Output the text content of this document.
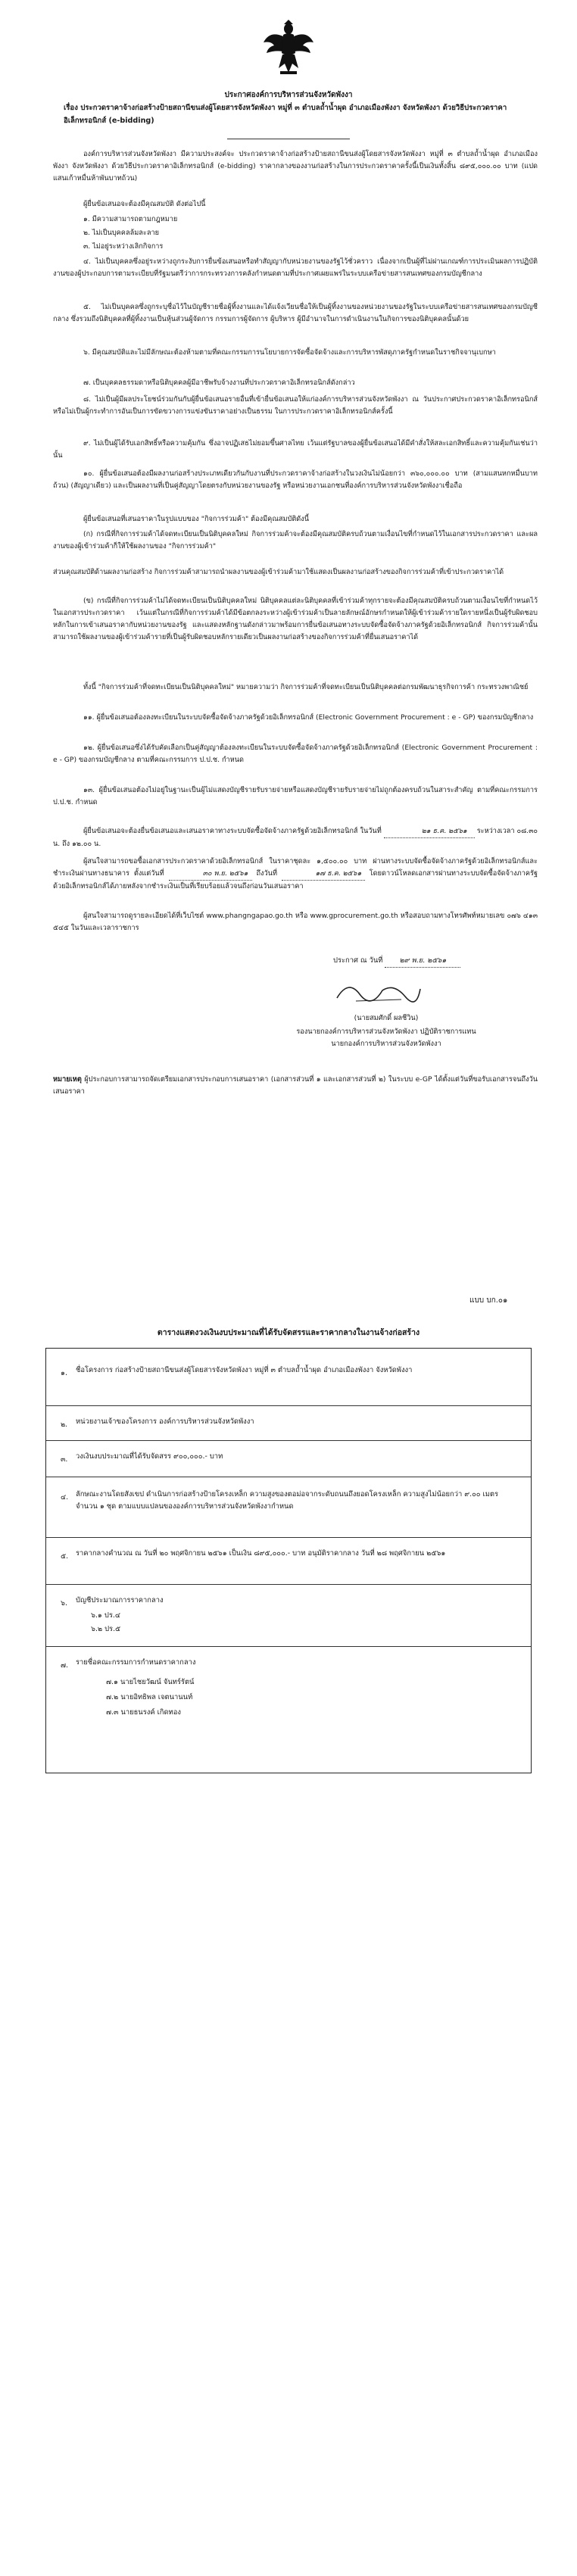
ประกาศองค์การบริหารส่วนจังหวัดพังงา
เรื่อง ประกวดราคาจ้างก่อสร้างป้ายสถานีขนส่งผู้โดยสารจังหวัดพังงา หมู่ที่ ๓ ตำบลถ้ำน้ำผุด อำเภอเมืองพังงา จังหวัดพังงา ด้วยวิธีประกวดราคาอิเล็กทรอนิกส์ (e-bidding)
องค์การบริหารส่วนจังหวัดพังงา มีความประสงค์จะ ประกวดราคาจ้างก่อสร้างป้ายสถานีขนส่งผู้โดยสารจังหวัดพังงา หมู่ที่ ๓ ตำบลถ้ำน้ำผุด อำเภอเมืองพังงา จังหวัดพังงา ด้วยวิธีประกวดราคาอิเล็กทรอนิกส์ (e-bidding) ราคากลางของงานก่อสร้างในการประกวดราคาครั้งนี้เป็นเงินทั้งสิ้น ๘๙๕,๐๐๐.๐๐ บาท (แปดแสนเก้าหมื่นห้าพันบาทถ้วน)
ผู้ยื่นข้อเสนอจะต้องมีคุณสมบัติ ดังต่อไปนี้
๑. มีความสามารถตามกฎหมาย
๒. ไม่เป็นบุคคลล้มละลาย
๓. ไม่อยู่ระหว่างเลิกกิจการ
๔. ไม่เป็นบุคคลซึ่งอยู่ระหว่างถูกระงับการยื่นข้อเสนอหรือทำสัญญากับหน่วยงานของรัฐไว้ชั่วคราว เนื่องจากเป็นผู้ที่ไม่ผ่านเกณฑ์การประเมินผลการปฏิบัติงานของผู้ประกอบการตามระเบียบที่รัฐมนตรีว่าการกระทรวงการคลังกำหนดตามที่ประกาศเผยแพร่ในระบบเครือข่ายสารสนเทศของกรมบัญชีกลาง
๕. ไม่เป็นบุคคลซึ่งถูกระบุชื่อไว้ในบัญชีรายชื่อผู้ทิ้งงานและได้แจ้งเวียนชื่อให้เป็นผู้ทิ้งงานของหน่วยงานของรัฐในระบบเครือข่ายสารสนเทศของกรมบัญชีกลาง ซึ่งรวมถึงนิติบุคคลที่ผู้ทิ้งงานเป็นหุ้นส่วนผู้จัดการ กรรมการผู้จัดการ ผู้บริหาร ผู้มีอำนาจในการดำเนินงานในกิจการของนิติบุคคลนั้นด้วย
๖. มีคุณสมบัติและไม่มีลักษณะต้องห้ามตามที่คณะกรรมการนโยบายการจัดซื้อจัดจ้างและการบริหารพัสดุภาครัฐกำหนดในราชกิจจานุเบกษา
๗. เป็นบุคคลธรรมดาหรือนิติบุคคลผู้มีอาชีพรับจ้างงานที่ประกวดราคาอิเล็กทรอนิกส์ดังกล่าว
๘. ไม่เป็นผู้มีผลประโยชน์ร่วมกันกับผู้ยื่นข้อเสนอรายอื่นที่เข้ายื่นข้อเสนอให้แก่องค์การบริหารส่วนจังหวัดพังงา ณ วันประกาศประกวดราคาอิเล็กทรอนิกส์ หรือไม่เป็นผู้กระทำการอันเป็นการขัดขวางการแข่งขันราคาอย่างเป็นธรรม ในการประกวดราคาอิเล็กทรอนิกส์ครั้งนี้
๙. ไม่เป็นผู้ได้รับเอกสิทธิ์หรือความคุ้มกัน ซึ่งอาจปฏิเสธไม่ยอมขึ้นศาลไทย เว้นแต่รัฐบาลของผู้ยื่นข้อเสนอได้มีคำสั่งให้สละเอกสิทธิ์และความคุ้มกันเช่นว่านั้น
๑๐. ผู้ยื่นข้อเสนอต้องมีผลงานก่อสร้างประเภทเดียวกันกับงานที่ประกวดราคาจ้างก่อสร้างในวงเงินไม่น้อยกว่า ๓๖๐,๐๐๐.๐๐ บาท (สามแสนหกหมื่นบาทถ้วน) (สัญญาเดียว) และเป็นผลงานที่เป็นคู่สัญญาโดยตรงกับหน่วยงานของรัฐ หรือหน่วยงานเอกชนที่องค์การบริหารส่วนจังหวัดพังงาเชื่อถือ
ผู้ยื่นข้อเสนอที่เสนอราคาในรูปแบบของ "กิจการร่วมค้า" ต้องมีคุณสมบัติดังนี้
(ก) กรณีที่กิจการร่วมค้าได้จดทะเบียนเป็นนิติบุคคลใหม่ กิจการร่วมค้าจะต้องมีคุณสมบัติครบถ้วนตามเงื่อนไขที่กำหนดไว้ในเอกสารประกวดราคา และผลงานของผู้เข้าร่วมค้าก็ให้ใช้ผลงานของ "กิจการร่วมค้า"
ส่วนคุณสมบัติด้านผลงานก่อสร้าง กิจการร่วมค้าสามารถนำผลงานของผู้เข้าร่วมค้ามาใช้แสดงเป็นผลงานก่อสร้างของกิจการร่วมค้าที่เข้าประกวดราคาได้
(ข) กรณีที่กิจการร่วมค้าไม่ได้จดทะเบียนเป็นนิติบุคคลใหม่ นิติบุคคลแต่ละนิติบุคคลที่เข้าร่วมค้าทุกรายจะต้องมีคุณสมบัติครบถ้วนตามเงื่อนไขที่กำหนดไว้ในเอกสารประกวดราคา เว้นแต่ในกรณีที่กิจการร่วมค้าได้มีข้อตกลงระหว่างผู้เข้าร่วมค้าเป็นลายลักษณ์อักษรกำหนดให้ผู้เข้าร่วมค้ารายใดรายหนึ่งเป็นผู้รับผิดชอบหลักในการเข้าเสนอราคากับหน่วยงานของรัฐ และแสดงหลักฐานดังกล่าวมาพร้อมการยื่นข้อเสนอทางระบบจัดซื้อจัดจ้างภาครัฐด้วยอิเล็กทรอนิกส์ กิจการร่วมค้านั้นสามารถใช้ผลงานของผู้เข้าร่วมค้ารายที่เป็นผู้รับผิดชอบหลักรายเดียวเป็นผลงานก่อสร้างของกิจการร่วมค้าที่ยื่นเสนอราคาได้
ทั้งนี้ "กิจการร่วมค้าที่จดทะเบียนเป็นนิติบุคคลใหม่" หมายความว่า กิจการร่วมค้าที่จดทะเบียนเป็นนิติบุคคลต่อกรมพัฒนาธุรกิจการค้า กระทรวงพาณิชย์
๑๑. ผู้ยื่นข้อเสนอต้องลงทะเบียนในระบบจัดซื้อจัดจ้างภาครัฐด้วยอิเล็กทรอนิกส์ (Electronic Government Procurement : e - GP) ของกรมบัญชีกลาง
๑๒. ผู้ยื่นข้อเสนอซึ่งได้รับคัดเลือกเป็นคู่สัญญาต้องลงทะเบียนในระบบจัดซื้อจัดจ้างภาครัฐด้วยอิเล็กทรอนิกส์ (Electronic Government Procurement : e - GP) ของกรมบัญชีกลาง ตามที่คณะกรรมการ ป.ป.ช. กำหนด
๑๓. ผู้ยื่นข้อเสนอต้องไม่อยู่ในฐานะเป็นผู้ไม่แสดงบัญชีรายรับรายจ่ายหรือแสดงบัญชีรายรับรายจ่ายไม่ถูกต้องครบถ้วนในสาระสำคัญ ตามที่คณะกรรมการ ป.ป.ช. กำหนด
ผู้ยื่นข้อเสนอจะต้องยื่นข้อเสนอและเสนอราคาทางระบบจัดซื้อจัดจ้างภาครัฐด้วยอิเล็กทรอนิกส์ ในวันที่	๒๑ ธ.ค. ๒๕๖๑ ระหว่างเวลา ๐๘.๓๐ น. ถึง ๑๒.๐๐ น.
ผู้สนใจสามารถขอซื้อเอกสารประกวดราคาด้วยอิเล็กทรอนิกส์ ในราคาชุดละ ๑,๕๐๐.๐๐ บาท ผ่านทางระบบจัดซื้อจัดจ้างภาครัฐด้วยอิเล็กทรอนิกส์และชำระเงินผ่านทางธนาคาร ตั้งแต่วันที่	๓๐ พ.ย. ๒๕๖๑ ถึงวันที่	๑๗ ธ.ค. ๒๕๖๑ โดยดาวน์โหลดเอกสารผ่านทางระบบจัดซื้อจัดจ้างภาครัฐด้วยอิเล็กทรอนิกส์ได้ภายหลังจากชำระเงินเป็นที่เรียบร้อยแล้วจนถึงก่อนวันเสนอราคา
ผู้สนใจสามารถดูรายละเอียดได้ที่เว็บไซต์ www.phangngapao.go.th หรือ www.gprocurement.go.th หรือสอบถามทางโทรศัพท์หมายเลข ๐๗๖ ๔๑๓ ๕๔๕ ในวันและเวลาราชการ
ประกาศ ณ วันที่ ๒๙ พ.ย. ๒๕๖๑
(นายสมศักดิ์ ผลชีวิน)
รองนายกองค์การบริหารส่วนจังหวัดพังงา ปฏิบัติราชการแทน
นายกองค์การบริหารส่วนจังหวัดพังงา
หมายเหตุ ผู้ประกอบการสามารถจัดเตรียมเอกสารประกอบการเสนอราคา (เอกสารส่วนที่ ๑ และเอกสารส่วนที่ ๒) ในระบบ e-GP ได้ตั้งแต่วันที่ขอรับเอกสารจนถึงวันเสนอราคา
แบบ บก.๐๑
ตารางแสดงวงเงินงบประมาณที่ได้รับจัดสรรและราคากลางในงานจ้างก่อสร้าง
๑. ชื่อโครงการ ก่อสร้างป้ายสถานีขนส่งผู้โดยสารจังหวัดพังงา หมู่ที่ ๓ ตำบลถ้ำน้ำผุด อำเภอเมืองพังงา จังหวัดพังงา
๒. หน่วยงานเจ้าของโครงการ องค์การบริหารส่วนจังหวัดพังงา
๓. วงเงินงบประมาณที่ได้รับจัดสรร ๙๐๐,๐๐๐.- บาท
๔. ลักษณะงานโดยสังเขป ดำเนินการก่อสร้างป้ายโครงเหล็ก ความสูงของตอม่อจากระดับถนนถึงยอดโครงเหล็ก ความสูงไม่น้อยกว่า ๙.๐๐ เมตร จำนวน ๑ ชุด ตามแบบแปลนขององค์การบริหารส่วนจังหวัดพังงากำหนด
๕. ราคากลางคำนวณ ณ วันที่ ๒๐ พฤศจิกายน ๒๕๖๑ เป็นเงิน ๘๙๕,๐๐๐.- บาท อนุมัติราคากลาง วันที่ ๒๘ พฤศจิกายน ๒๕๖๑
๖. บัญชีประมาณการราคากลาง
๖.๑ ปร.๔
๖.๒ ปร.๕
๗. รายชื่อคณะกรรมการกำหนดราคากลาง
๗.๑ นายไชยวัฒน์ จันทร์รัตน์
๗.๒ นายอิทธิพล เจตนานนท์
๗.๓ นายธนรงค์ เกิดทอง
